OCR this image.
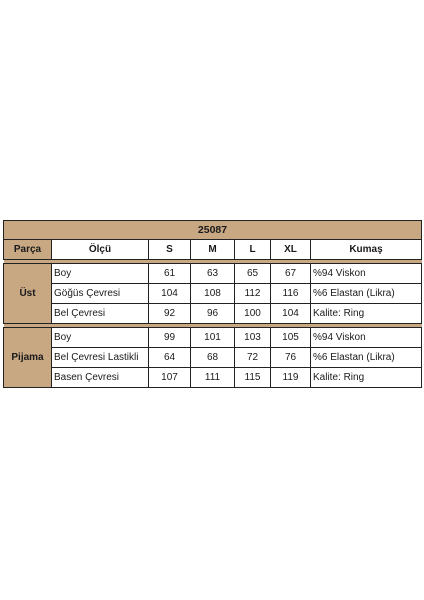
25087						
Parça	Ölçü	S	M	L	XL	Kumaş

Üst	Boy	61	63	65	67	%94 Viskon
	Göğüs Çevresi	104	108	112	116	%6 Elastan (Likra)
	Bel Çevresi	92	96	100	104	Kalite: Ring

Pijama	Boy	99	101	103	105	%94 Viskon
	Bel Çevresi Lastikli	64	68	72	76	%6 Elastan (Likra)
	Basen Çevresi	107	111	115	119	Kalite: Ring
